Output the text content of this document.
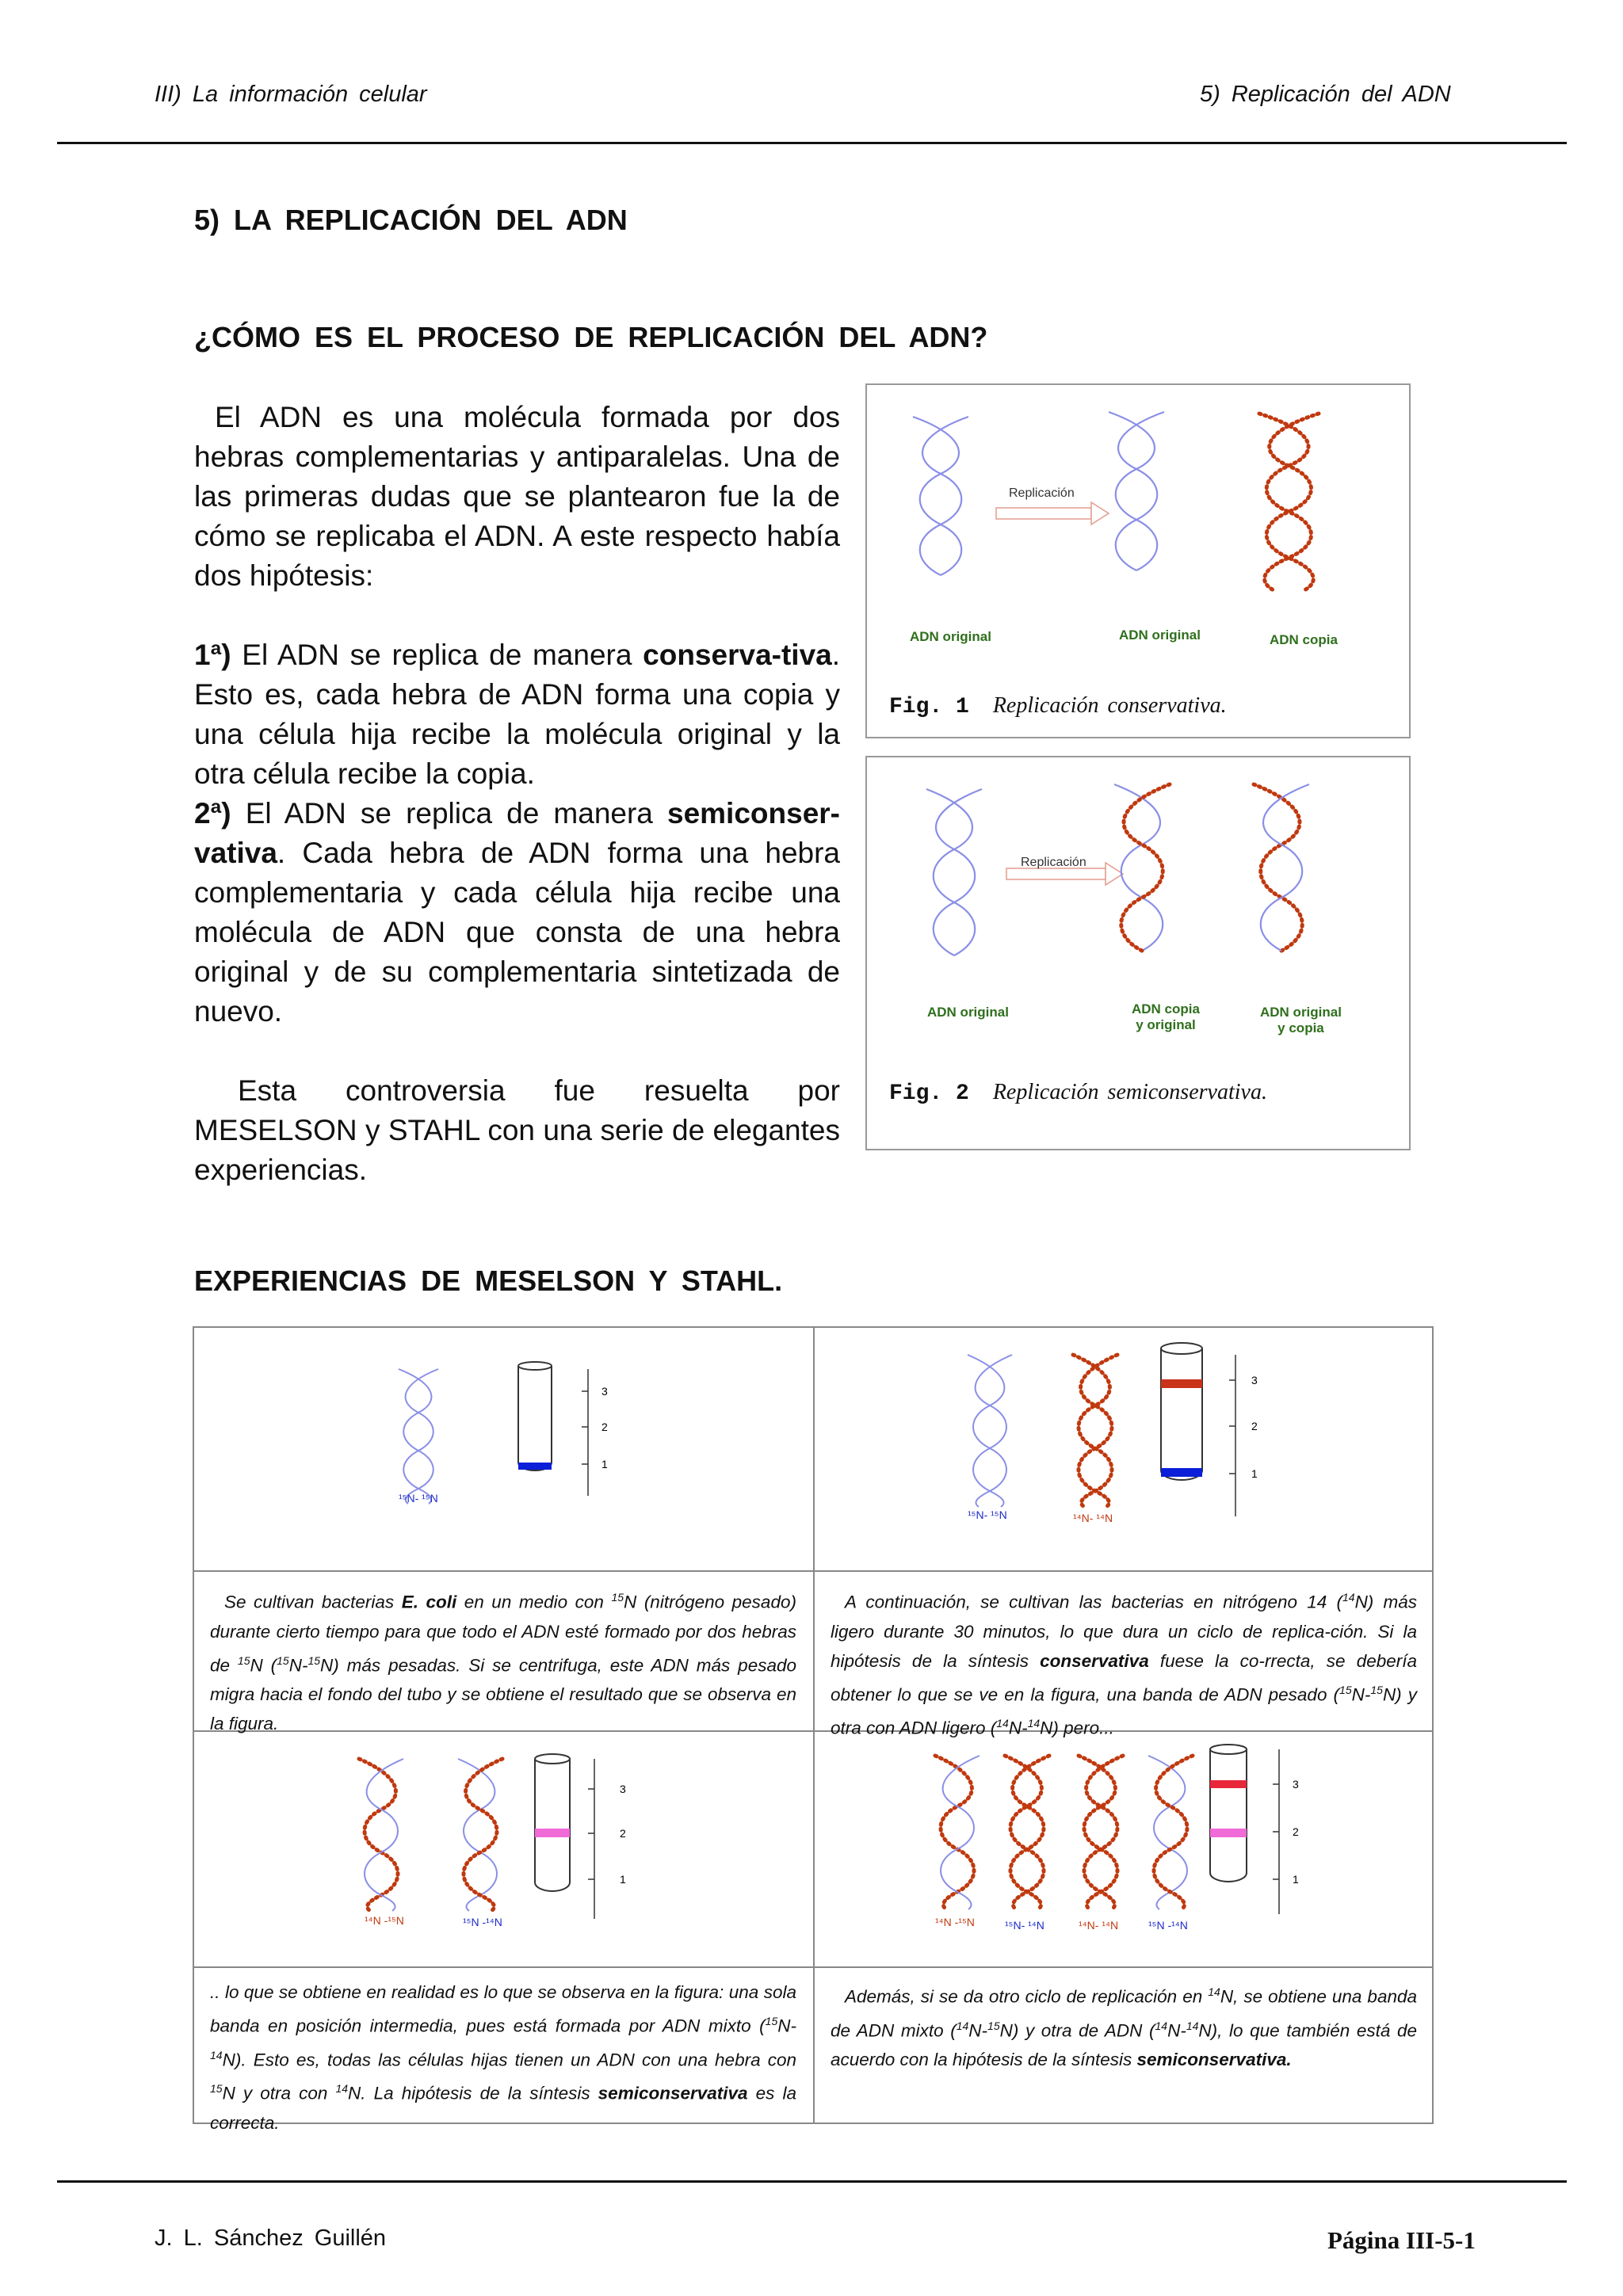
III) La información celular	5) Replicación del ADN
5) LA REPLICACIÓN DEL ADN
¿CÓMO ES EL PROCESO DE REPLICACIÓN DEL ADN?

El ADN es una molécula formada por dos hebras complementarias y antiparalelas. Una de las primeras dudas que se plantearon fue la de cómo se replicaba el ADN. A este respecto había dos hipótesis:

1ª) El ADN se replica de manera conserva-tiva. Esto es, cada hebra de ADN forma una copia y una célula hija recibe la molécula original y la otra célula recibe la copia.

2ª) El ADN se replica de manera semiconser-vativa. Cada hebra de ADN forma una hebra complementaria y cada célula hija recibe una molécula de ADN que consta de una hebra original y de su complementaria sintetizada de nuevo.

Esta controversia fue resuelta por MESELSON y STAHL con una serie de elegantes experiencias.

Replicación
ADN original	ADN original	ADN copia
Fig. 1 Replicación conservativa.
Replicación
ADN original	ADN copia
y original
ADN original
y copia
Fig. 2 Replicación semiconservativa.
EXPERIENCIAS DE MESELSON Y STAHL.
3
2
1
¹⁵N- ¹⁵N
3
2
1
¹⁵N- ¹⁵N	¹⁴N- ¹⁴N
Se cultivan bacterias E. coli en un medio con $^{15}$N (nitrógeno pesado) durante cierto tiempo para que todo el ADN esté formado por dos hebras de $^{15}$N ($^{15}$N-$^{15}$N) más pesadas. Si se centrifuga, este ADN más pesado migra hacia el fondo del tubo y se obtiene el resultado que se observa en la figura.
A continuación, se cultivan las bacterias en nitrógeno 14 ($^{14}$N) más ligero durante 30 minutos, lo que dura un ciclo de replica-ción. Si la hipótesis de la síntesis conservativa fuese la co-rrecta, se debería obtener lo que se ve en la figura, una banda de ADN pesado ($^{15}$N-$^{15}$N) y otra con ADN ligero ($^{14}$N-$^{14}$N) pero...
3
2
1
¹⁴N -¹⁵N	¹⁵N -¹⁴N
3
2
1
¹⁴N -¹⁵N	¹⁵N- ¹⁴N	¹⁴N- ¹⁴N	¹⁵N -¹⁴N
.. lo que se obtiene en realidad es lo que se observa en la figura: una sola banda en posición intermedia, pues está formada por ADN mixto ($^{15}$N-$^{14}$N). Esto es, todas las células hijas tienen un ADN con una hebra con $^{15}$N y otra con $^{14}$N. La hipótesis de la síntesis semiconservativa es la correcta.
Además, si se da otro ciclo de replicación en $^{14}$N, se obtiene una banda de ADN mixto ($^{14}$N-$^{15}$N) y otra de ADN ($^{14}$N-$^{14}$N), lo que también está de acuerdo con la hipótesis de la síntesis semiconservativa.
J. L. Sánchez Guillén	Página III-5-1
